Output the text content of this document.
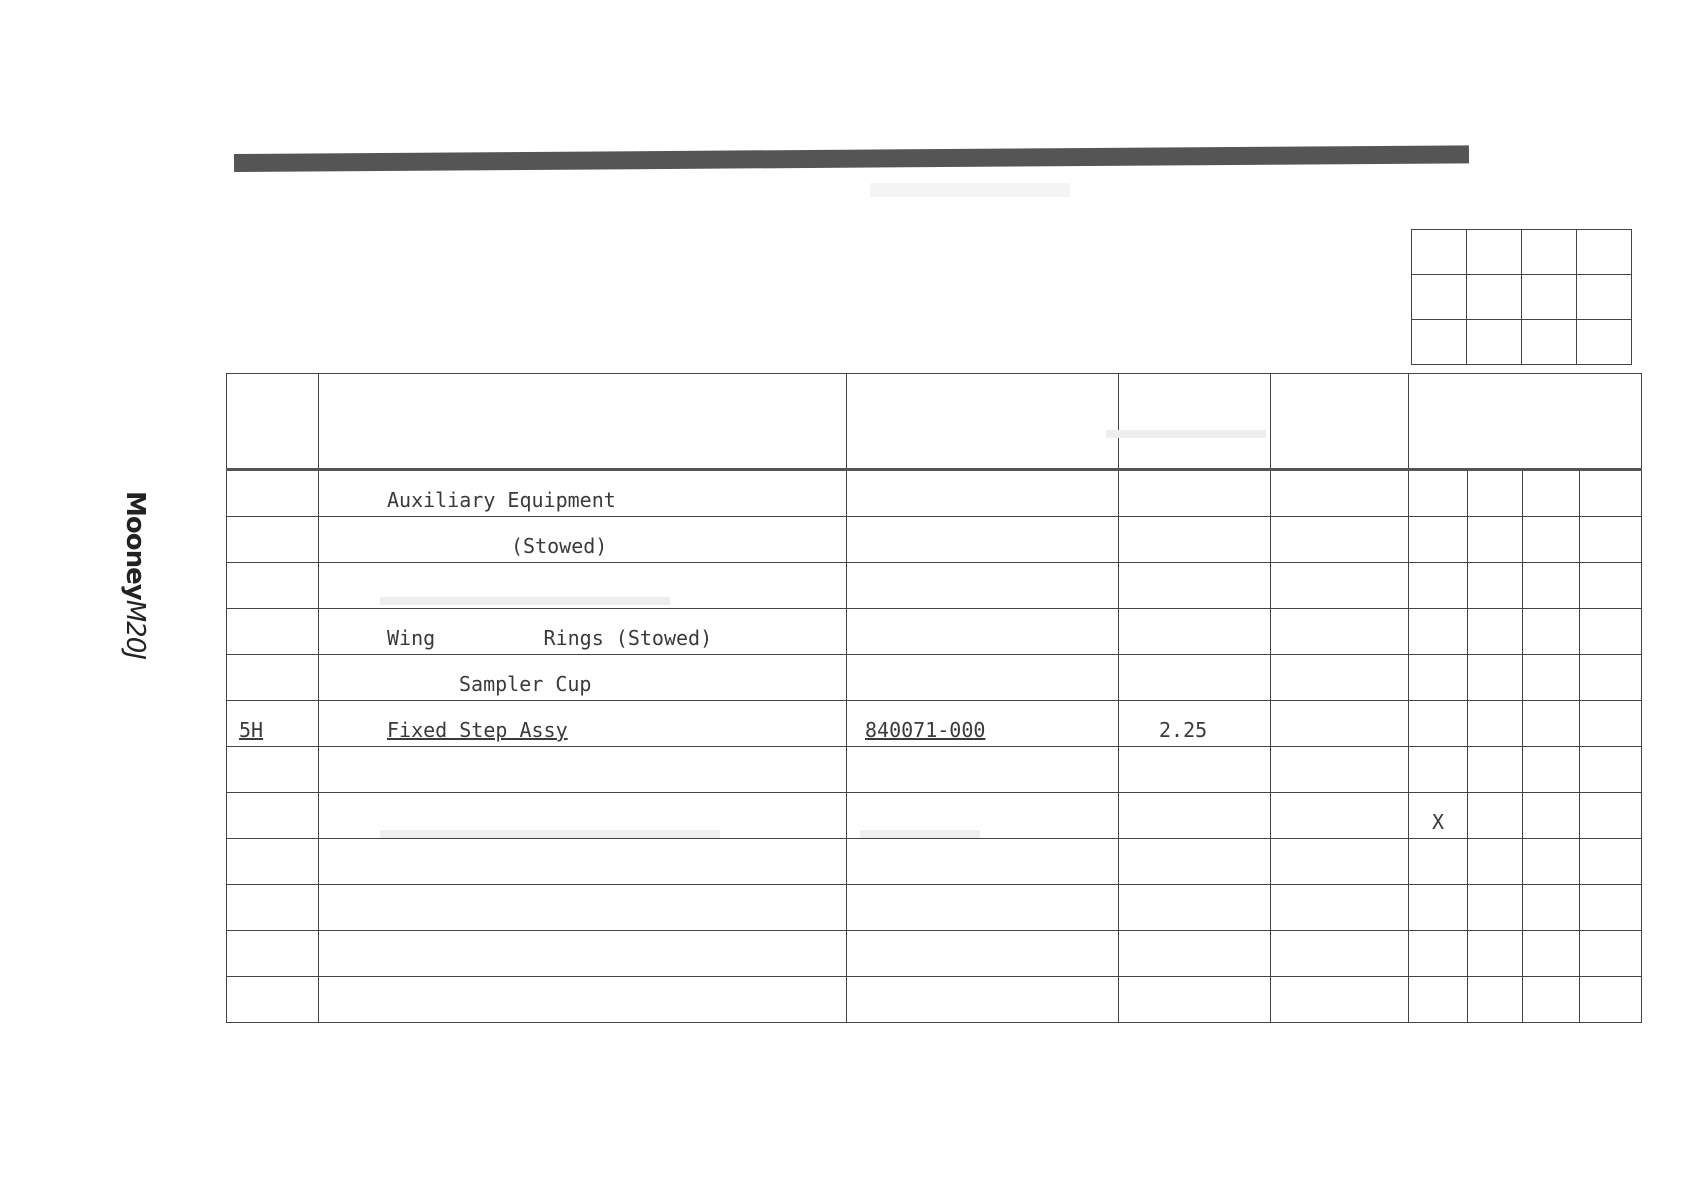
MooneyM20J

	Auxiliary Equipment							
	(Stowed)							

	Wing         Rings (Stowed)							
	Sampler Cup							
5H	Fixed Step Assy	840071-000	2.25					

					X			
